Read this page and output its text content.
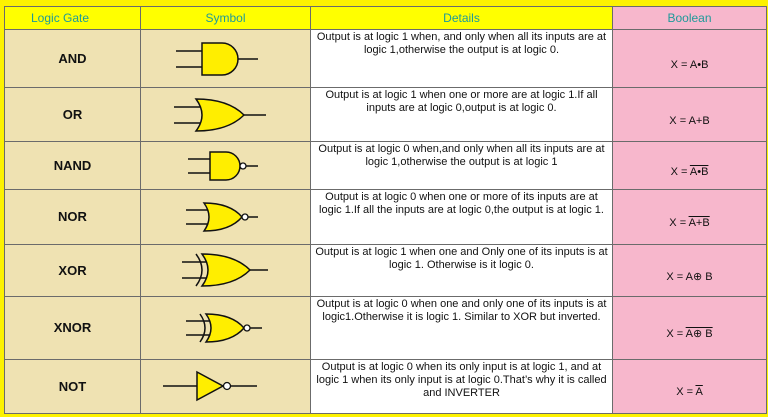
Logic Gate	Symbol	Details	Boolean
AND		Output is at logic 1 when, and only when all its inputs are at logic 1,otherwise the output is at logic 0.	X = A•B
OR		Output is at logic 1 when one or more are at logic 1.If all inputs are at logic 0,output is at logic 0.	X = A+B
NAND		Output is at logic 0 when,and only when all its inputs are at logic 1,otherwise the output is at logic 1	X = A•B
NOR		Output is at logic 0 when one or more of its inputs are at logic 1.If all the inputs are at logic 0,the output is at logic 1.	X = A+B
XOR		Output is at logic 1 when one and Only one of its inputs is at logic 1. Otherwise is it logic 0.	X = A⊕ B
XNOR		Output is at logic 0 when one and only one of its inputs is at logic1.Otherwise it is logic 1. Similar to XOR but inverted.	X = A⊕ B
NOT		Output is at logic 0 when its only input is at logic 1, and at logic 1 when its only input is at logic 0.That’s why it is called and INVERTER	$X = \overline{A}$
